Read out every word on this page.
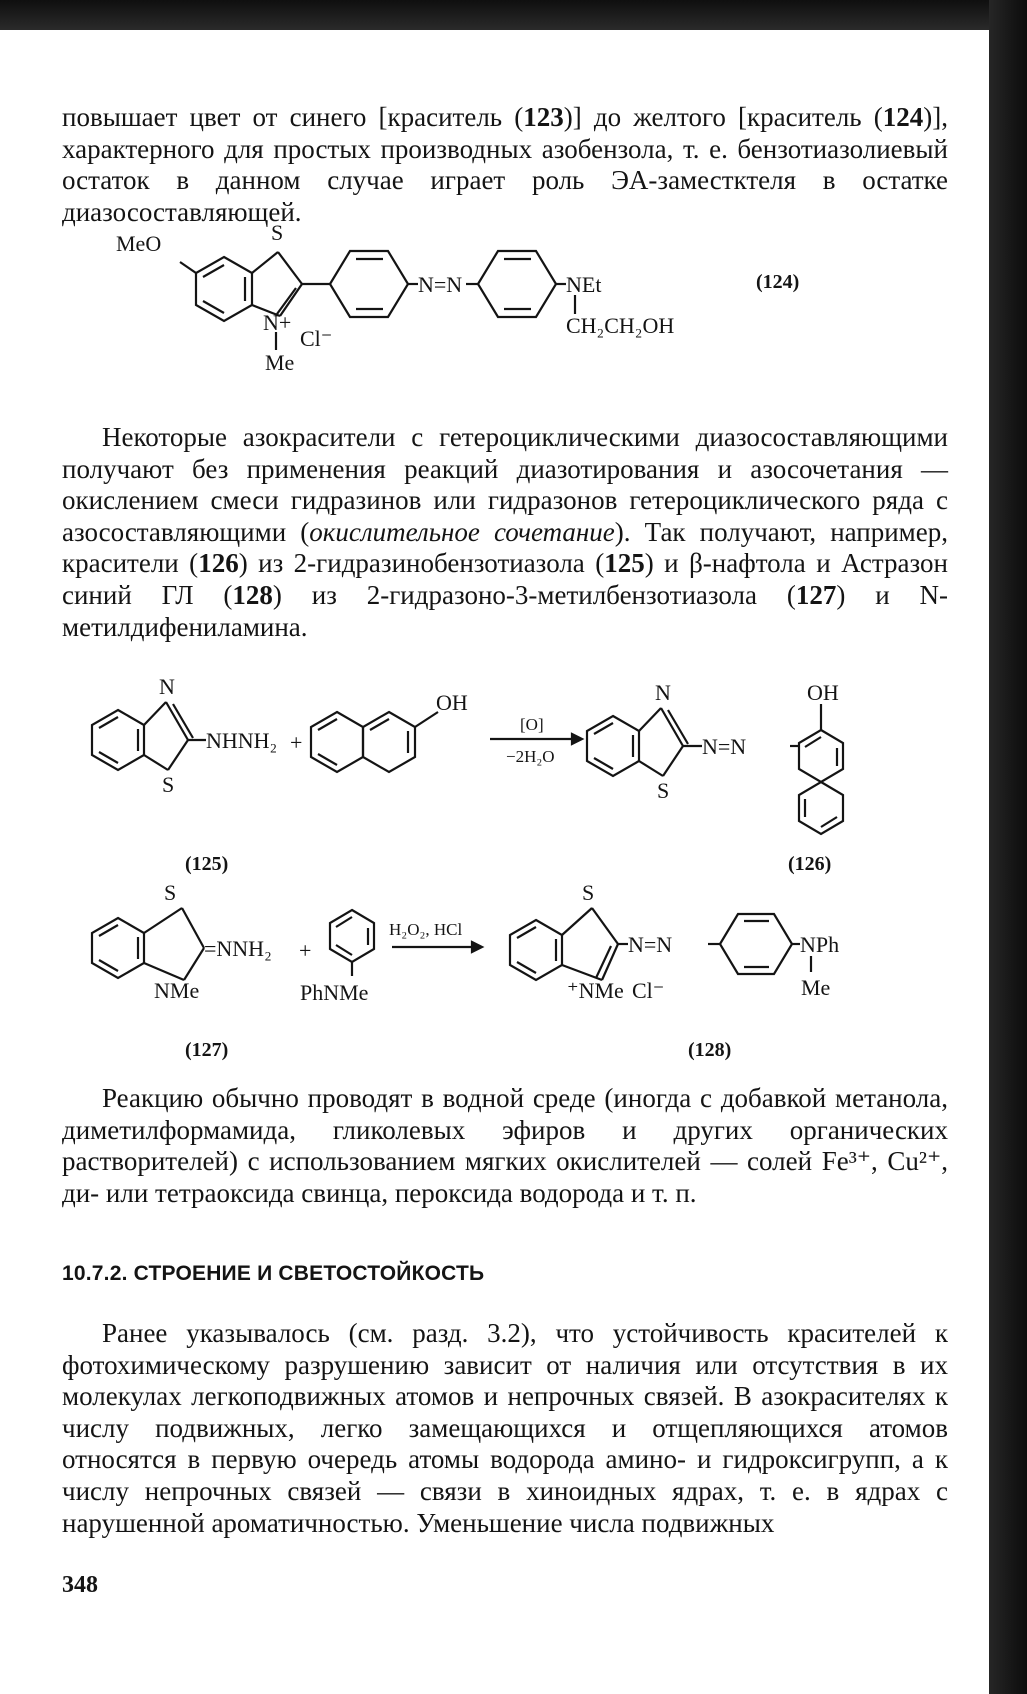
повышает цвет от синего [краситель (123)] до желтого [краситель (124)], характерного для простых производных азобензола, т. е. бензотиазолиевый остаток в данном случае играет роль ЭА-заместктеля в остатке диазосоставляющей.

MeO	S
N+
Cl⁻
Me
N=N	NEt
CH₂CH₂OH
(124)

Некоторые азокрасители с гетероциклическими диазосоставляющими получают без применения реакций диазотирования и азосочетания — окислением смеси гидразинов или гидразонов гетероциклического ряда с азосоставляющими (окислительное сочетание). Так получают, например, красители (126) из 2-гидразинобензотиазола (125) и β-нафтола и Астразон синий ГЛ (128) из 2-гидразоно-3-метилбензотиазола (127) и N-метилдифениламина.

N
S
NHNH₂ +
OH
[O]
−2H₂O
N
S
N=N
OH
(125)	(126)
S
NMe
=NNH₂ +
PhNMe
H₂O₂, HCl
S
⁺NMe Cl⁻
N=N	NPh
Me
(127)	(128)

Реакцию обычно проводят в водной среде (иногда с добавкой метанола, диметилформамида, гликолевых эфиров и других органических растворителей) с использованием мягких окислителей — солей Fe³⁺, Cu²⁺, ди- или тетраоксида свинца, пероксида водорода и т. п.

10.7.2. СТРОЕНИЕ И СВЕТОСТОЙКОСТЬ

Ранее указывалось (см. разд. 3.2), что устойчивость красителей к фотохимическому разрушению зависит от наличия или отсутствия в их молекулах легкоподвижных атомов и непрочных связей. В азокрасителях к числу подвижных, легко замещающихся и отщепляющихся атомов относятся в первую очередь атомы водорода амино- и гидроксигрупп, а к числу непрочных связей — связи в хиноидных ядрах, т. е. в ядрах с нарушенной ароматичностью. Уменьшение числа подвижных

348
